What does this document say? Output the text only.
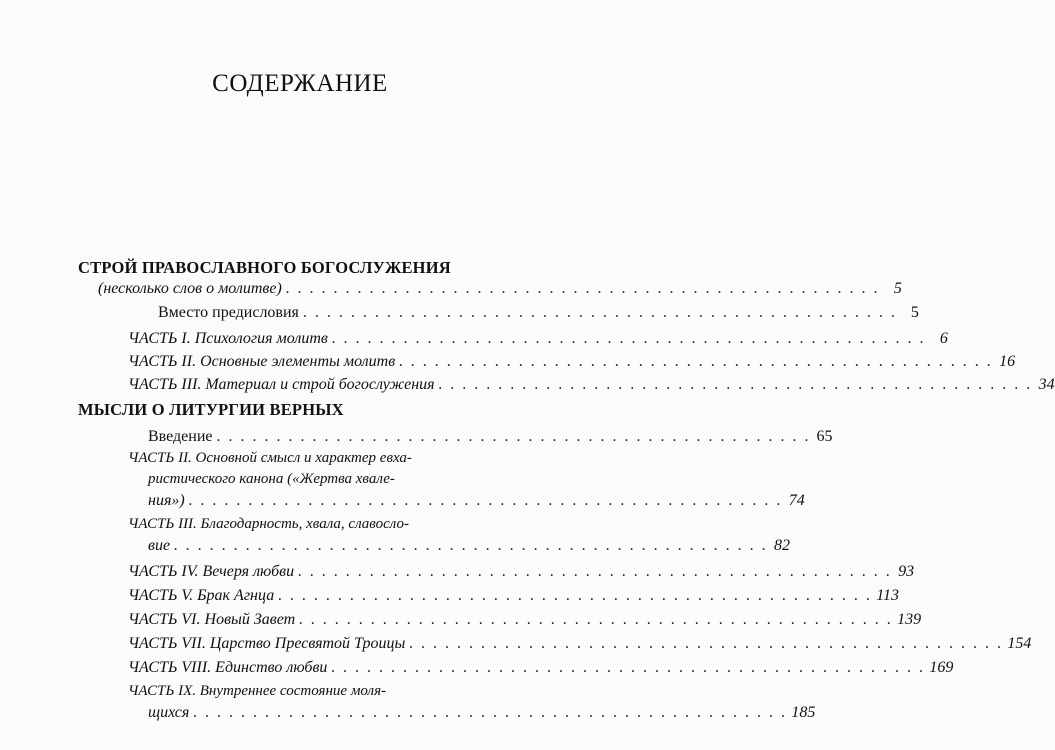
СОДЕРЖАНИЕ
СТРОЙ ПРАВОСЛАВНОГО БОГОСЛУЖЕНИЯ
(несколько слов о молитве) . . . . . . . . . . . . . . . . . . . . . . . . . . . . . . . . . . . . . . . . . . . . . . . . . . 5
Вместо предисловия . . . . . . . . . . . . . . . . . . . . . . . . . . . . . . . . . . . . . . . . . . . . . . . . . . 5
ЧАСТЬ I. Психология молитв . . . . . . . . . . . . . . . . . . . . . . . . . . . . . . . . . . . . . . . . . . . . . . . . . . 6
ЧАСТЬ II. Основные элементы молитв . . . . . . . . . . . . . . . . . . . . . . . . . . . . . . . . . . . . . . . . . . . . . . . . . . 16
ЧАСТЬ III. Материал и строй богослужения . . . . . . . . . . . . . . . . . . . . . . . . . . . . . . . . . . . . . . . . . . . . . . . . . . 34
МЫСЛИ О ЛИТУРГИИ ВЕРНЫХ
Введение . . . . . . . . . . . . . . . . . . . . . . . . . . . . . . . . . . . . . . . . . . . . . . . . . . 65
ЧАСТЬ II. Основной смысл и характер евха-
ристического канона («Жертва хвале-
ния») . . . . . . . . . . . . . . . . . . . . . . . . . . . . . . . . . . . . . . . . . . . . . . . . . . 74
ЧАСТЬ III. Благодарность, хвала, славосло-
вие . . . . . . . . . . . . . . . . . . . . . . . . . . . . . . . . . . . . . . . . . . . . . . . . . . 82
ЧАСТЬ IV. Вечеря любви . . . . . . . . . . . . . . . . . . . . . . . . . . . . . . . . . . . . . . . . . . . . . . . . . . 93
ЧАСТЬ V. Брак Агнца . . . . . . . . . . . . . . . . . . . . . . . . . . . . . . . . . . . . . . . . . . . . . . . . . . 113
ЧАСТЬ VI. Новый Завет . . . . . . . . . . . . . . . . . . . . . . . . . . . . . . . . . . . . . . . . . . . . . . . . . . 139
ЧАСТЬ VII. Царство Пресвятой Троицы . . . . . . . . . . . . . . . . . . . . . . . . . . . . . . . . . . . . . . . . . . . . . . . . . . 154
ЧАСТЬ VIII. Единство любви . . . . . . . . . . . . . . . . . . . . . . . . . . . . . . . . . . . . . . . . . . . . . . . . . . 169
ЧАСТЬ IX. Внутреннее состояние моля-
щихся . . . . . . . . . . . . . . . . . . . . . . . . . . . . . . . . . . . . . . . . . . . . . . . . . . 185
